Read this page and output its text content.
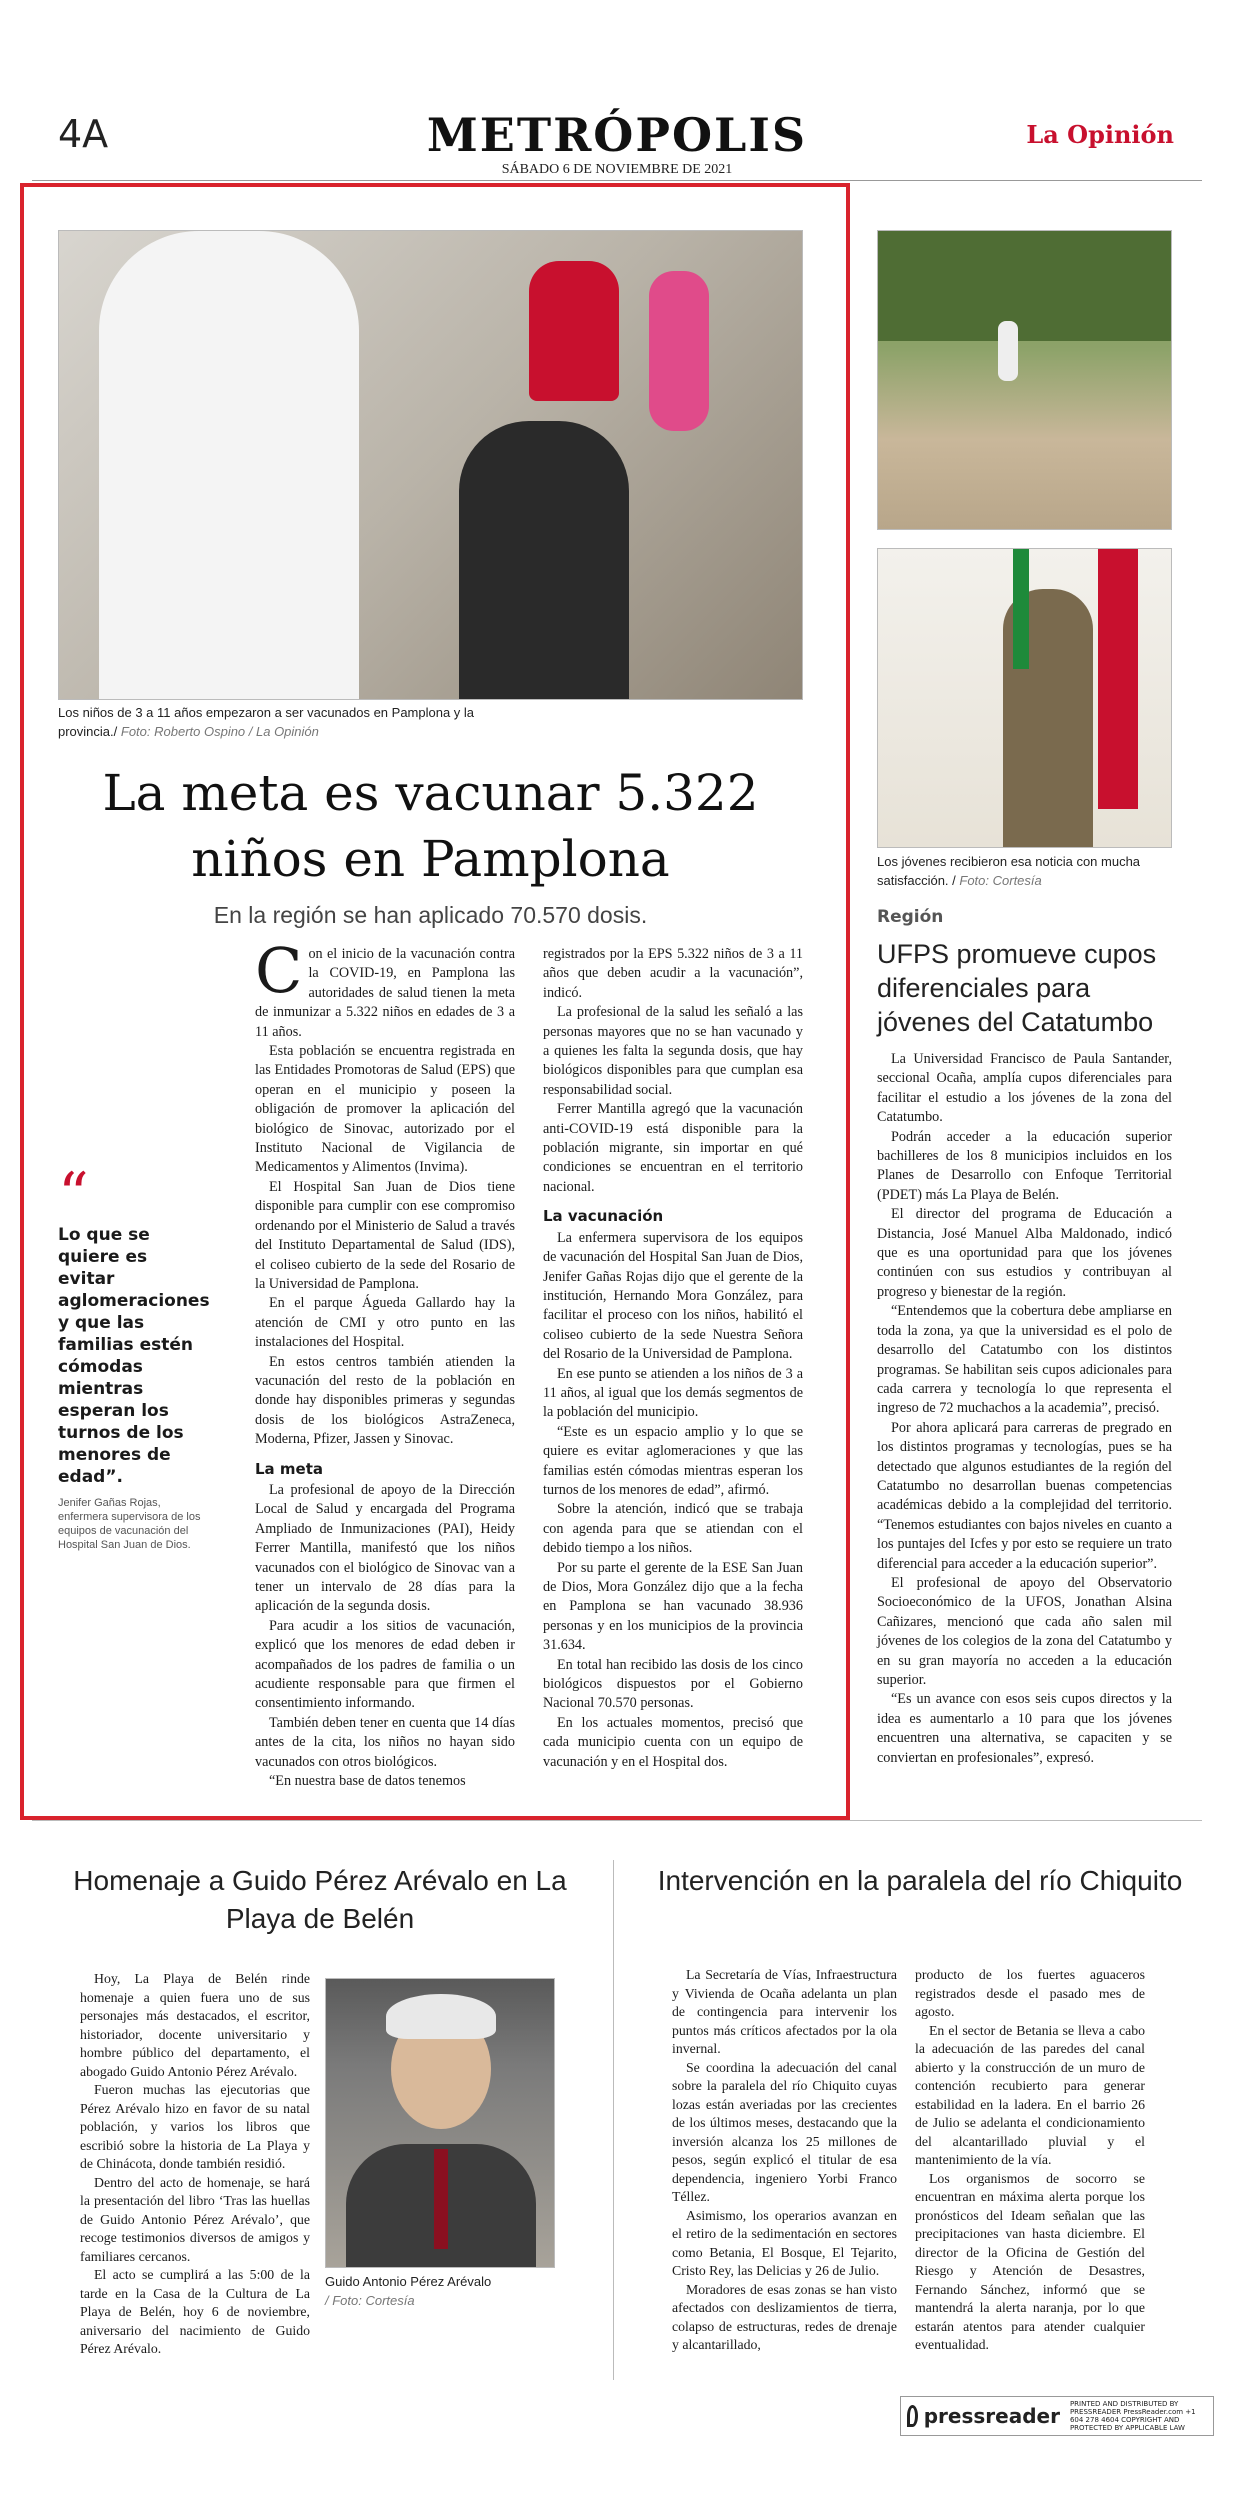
4A	METRÓPOLIS	La Opinión
SÁBADO 6 DE NOVIEMBRE DE 2021
Los niños de 3 a 11 años empezaron a ser vacunados en Pamplona y la provincia./ Foto: Roberto Ospino / La Opinión
La meta es vacunar 5.322 niños en Pamplona
En la región se han aplicado 70.570 dosis.
“
Lo que se quiere es evitar aglomeraciones y que las familias estén cómodas mientras esperan los turnos de los menores de edad”.
Jenifer Gañas Rojas, enfermera supervisora de los equipos de vacunación del Hospital San Juan de Dios.

Con el inicio de la vacunación contra la COVID-19, en Pamplona las autoridades de salud tienen la meta de inmunizar a 5.322 niños en edades de 3 a 11 años.

Esta población se encuentra registrada en las Entidades Promotoras de Salud (EPS) que operan en el municipio y poseen la obligación de promover la aplicación del biológico de Sinovac, autorizado por el Instituto Nacional de Vigilancia de Medicamentos y Alimentos (Invima).

El Hospital San Juan de Dios tiene disponible para cumplir con ese compromiso ordenando por el Ministerio de Salud a través del Instituto Departamental de Salud (IDS), el coliseo cubierto de la sede del Rosario de la Universidad de Pamplona.

En el parque Águeda Gallardo hay la atención de CMI y otro punto en las instalaciones del Hospital.

En estos centros también atienden la vacunación del resto de la población en donde hay disponibles primeras y segundas dosis de los biológicos AstraZeneca, Moderna, Pfizer, Jassen y Sinovac.

La meta

La profesional de apoyo de la Dirección Local de Salud y encargada del Programa Ampliado de Inmunizaciones (PAI), Heidy Ferrer Mantilla, manifestó que los niños vacunados con el biológico de Sinovac van a tener un intervalo de 28 días para la aplicación de la segunda dosis.

Para acudir a los sitios de vacunación, explicó que los menores de edad deben ir acompañados de los padres de familia o un acudiente responsable para que firmen el consentimiento informando.

También deben tener en cuenta que 14 días antes de la cita, los niños no hayan sido vacunados con otros biológicos.

“En nuestra base de datos tenemos

registrados por la EPS 5.322 niños de 3 a 11 años que deben acudir a la vacunación”, indicó.

La profesional de la salud les señaló a las personas mayores que no se han vacunado y a quienes les falta la segunda dosis, que hay biológicos disponibles para que cumplan esa responsabilidad social.

Ferrer Mantilla agregó que la vacunación anti-COVID-19 está disponible para la población migrante, sin importar en qué condiciones se encuentran en el territorio nacional.

La vacunación

La enfermera supervisora de los equipos de vacunación del Hospital San Juan de Dios, Jenifer Gañas Rojas dijo que el gerente de la institución, Hernando Mora González, para facilitar el proceso con los niños, habilitó el coliseo cubierto de la sede Nuestra Señora del Rosario de la Universidad de Pamplona.

En ese punto se atienden a los niños de 3 a 11 años, al igual que los demás segmentos de la población del municipio.

“Este es un espacio amplio y lo que se quiere es evitar aglomeraciones y que las familias estén cómodas mientras esperan los turnos de los menores de edad”, afirmó.

Sobre la atención, indicó que se trabaja con agenda para que se atiendan con el debido tiempo a los niños.

Por su parte el gerente de la ESE San Juan de Dios, Mora González dijo que a la fecha en Pamplona se han vacunado 38.936 personas y en los municipios de la provincia 31.634.

En total han recibido las dosis de los cinco biológicos dispuestos por el Gobierno Nacional 70.570 personas.

En los actuales momentos, precisó que cada municipio cuenta con un equipo de vacunación y en el Hospital dos.

Los jóvenes recibieron esa noticia con mucha satisfacción. / Foto: Cortesía
Región
UFPS promueve cupos diferenciales para jóvenes del Catatumbo

La Universidad Francisco de Paula Santander, seccional Ocaña, amplía cupos diferenciales para facilitar el estudio a los jóvenes de la zona del Catatumbo.

Podrán acceder a la educación superior bachilleres de los 8 municipios incluidos en los Planes de Desarrollo con Enfoque Territorial (PDET) más La Playa de Belén.

El director del programa de Educación a Distancia, José Manuel Alba Maldonado, indicó que es una oportunidad para que los jóvenes continúen con sus estudios y contribuyan al progreso y bienestar de la región.

“Entendemos que la cobertura debe ampliarse en toda la zona, ya que la universidad es el polo de desarrollo del Catatumbo con los distintos programas. Se habilitan seis cupos adicionales para cada carrera y tecnología lo que representa el ingreso de 72 muchachos a la academia”, precisó.

Por ahora aplicará para carreras de pregrado en los distintos programas y tecnologías, pues se ha detectado que algunos estudiantes de la región del Catatumbo no desarrollan buenas competencias académicas debido a la complejidad del territorio. “Tenemos estudiantes con bajos niveles en cuanto a los puntajes del Icfes y por esto se requiere un trato diferencial para acceder a la educación superior”.

El profesional de apoyo del Observatorio Socioeconómico de la UFOS, Jonathan Alsina Cañizares, mencionó que cada año salen mil jóvenes de los colegios de la zona del Catatumbo y en su gran mayoría no acceden a la educación superior.

“Es un avance con esos seis cupos directos y la idea es aumentarlo a 10 para que los jóvenes encuentren una alternativa, se capaciten y se conviertan en profesionales”, expresó.

Homenaje a Guido Pérez Arévalo en La Playa de Belén

Hoy, La Playa de Belén rinde homenaje a quien fuera uno de sus personajes más destacados, el escritor, historiador, docente universitario y hombre público del departamento, el abogado Guido Antonio Pérez Arévalo.

Fueron muchas las ejecutorias que Pérez Arévalo hizo en favor de su natal población, y varios los libros que escribió sobre la historia de La Playa y de Chinácota, donde también residió.

Dentro del acto de homenaje, se hará la presentación del libro ‘Tras las huellas de Guido Antonio Pérez Arévalo’, que recoge testimonios diversos de amigos y familiares cercanos.

El acto se cumplirá a las 5:00 de la tarde en la Casa de la Cultura de La Playa de Belén, hoy 6 de noviembre, aniversario del nacimiento de Guido Pérez Arévalo.

Guido Antonio Pérez Arévalo
/ Foto: Cortesía
Intervención en la paralela del río Chiquito

La Secretaría de Vías, Infraestructura y Vivienda de Ocaña adelanta un plan de contingencia para intervenir los puntos más críticos afectados por la ola invernal.

Se coordina la adecuación del canal sobre la paralela del río Chiquito cuyas lozas están averiadas por las crecientes de los últimos meses, destacando que la inversión alcanza los 25 millones de pesos, según explicó el titular de esa dependencia, ingeniero Yorbi Franco Téllez.

Asimismo, los operarios avanzan en el retiro de la sedimentación en sectores como Betania, El Bosque, El Tejarito, Cristo Rey, las Delicias y 26 de Julio.

Moradores de esas zonas se han visto afectados con deslizamientos de tierra, colapso de estructuras, redes de drenaje y alcantarillado,

producto de los fuertes aguaceros registrados desde el pasado mes de agosto.

En el sector de Betania se lleva a cabo la adecuación de las paredes del canal abierto y la construcción de un muro de contención recubierto para generar estabilidad en la ladera. En el barrio 26 de Julio se adelanta el condicionamiento del alcantarillado pluvial y el mantenimiento de la vía.

Los organismos de socorro se encuentran en máxima alerta porque los pronósticos del Ideam señalan que las precipitaciones van hasta diciembre. El director de la Oficina de Gestión del Riesgo y Atención de Desastres, Fernando Sánchez, informó que se mantendrá la alerta naranja, por lo que estarán atentos para atender cualquier eventualidad.

pressreader PRINTED AND DISTRIBUTED BY PRESSREADER PressReader.com +1 604 278 4604 COPYRIGHT AND PROTECTED BY APPLICABLE LAW
